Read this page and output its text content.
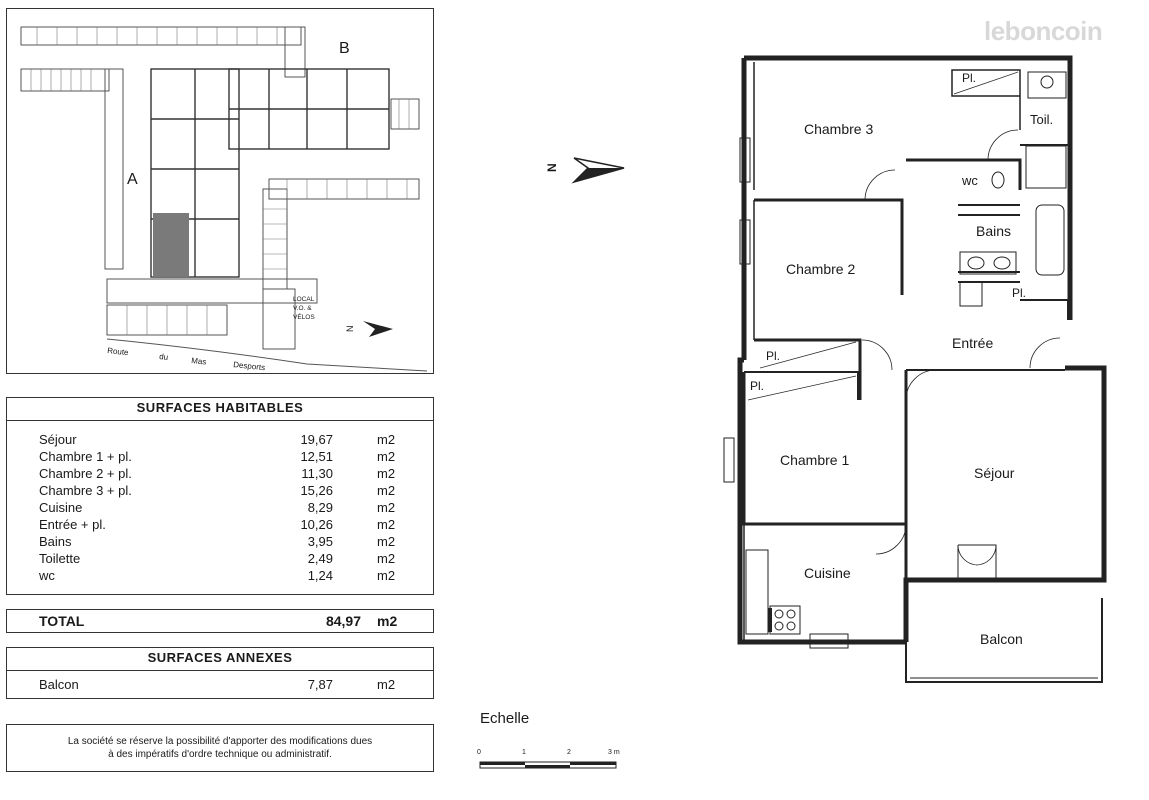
A
B
LOCAL
V.O. &
VÉLOS
Route	du	Mas	Desports
N
SURFACES HABITABLES
Séjour	19,67	m2
Chambre 1 + pl.	12,51	m2
Chambre 2 + pl.	11,30	m2
Chambre 3 + pl.	15,26	m2
Cuisine	8,29	m2
Entrée + pl.	10,26	m2
Bains	3,95	m2
Toilette	2,49	m2
wc	1,24	m2
TOTAL	84,97 m2
SURFACES ANNEXES
Balcon	7,87	m2
La société se réserve la possibilité d'apporter des modifications dues
à des impératifs d'ordre technique ou administratif.
N
Echelle
0	1	2	3 m
leboncoin
Chambre 3
Pl.
Toil.
wc
Bains
Pl.
Chambre 2
Pl.
Entrée
Pl.
Chambre 1
Séjour
Cuisine
Balcon
